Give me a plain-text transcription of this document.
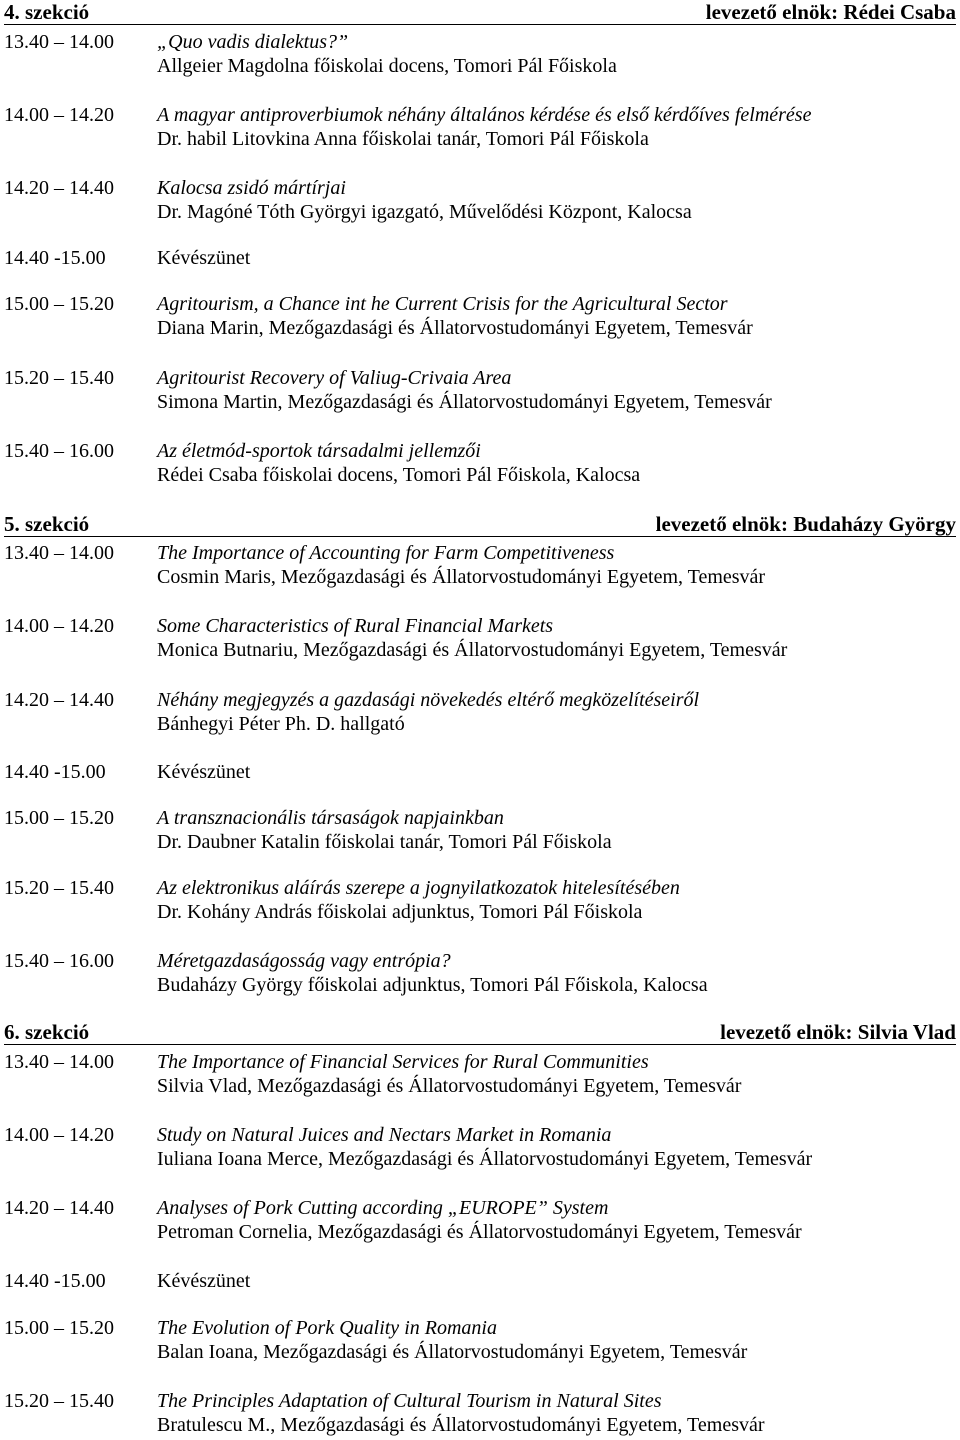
4. szekció	levezető elnök: Rédei Csaba
13.40 – 14.00 „Quo vadis dialektus?”
Allgeier Magdolna főiskolai docens, Tomori Pál Főiskola
14.00 – 14.20 A magyar antiproverbiumok néhány általános kérdése és első kérdőíves felmérése
Dr. habil Litovkina Anna főiskolai tanár, Tomori Pál Főiskola
14.20 – 14.40 Kalocsa zsidó mártírjai
Dr. Magóné Tóth Györgyi igazgató, Művelődési Központ, Kalocsa
14.40 -15.00	Kévészünet
15.00 – 15.20 Agritourism, a Chance int he Current Crisis for the Agricultural Sector
Diana Marin, Mezőgazdasági és Állatorvostudományi Egyetem, Temesvár
15.20 – 15.40 Agritourist Recovery of Valiug-Crivaia Area
Simona Martin, Mezőgazdasági és Állatorvostudományi Egyetem, Temesvár
15.40 – 16.00 Az életmód-sportok társadalmi jellemzői
Rédei Csaba főiskolai docens, Tomori Pál Főiskola, Kalocsa
5. szekció	levezető elnök: Budaházy György
13.40 – 14.00 The Importance of Accounting for Farm Competitiveness
Cosmin Maris, Mezőgazdasági és Állatorvostudományi Egyetem, Temesvár
14.00 – 14.20 Some Characteristics of Rural Financial Markets
Monica Butnariu, Mezőgazdasági és Állatorvostudományi Egyetem, Temesvár
14.20 – 14.40 Néhány megjegyzés a gazdasági növekedés eltérő megközelítéseiről
Bánhegyi Péter Ph. D. hallgató
14.40 -15.00	Kévészünet
15.00 – 15.20 A transznacionális társaságok napjainkban
Dr. Daubner Katalin főiskolai tanár, Tomori Pál Főiskola
15.20 – 15.40 Az elektronikus aláírás szerepe a jognyilatkozatok hitelesítésében
Dr. Kohány András főiskolai adjunktus, Tomori Pál Főiskola
15.40 – 16.00 Méretgazdaságosság vagy entrópia?
Budaházy György főiskolai adjunktus, Tomori Pál Főiskola, Kalocsa
6. szekció	levezető elnök: Silvia Vlad
13.40 – 14.00 The Importance of Financial Services for Rural Communities
Silvia Vlad, Mezőgazdasági és Állatorvostudományi Egyetem, Temesvár
14.00 – 14.20 Study on Natural Juices and Nectars Market in Romania
Iuliana Ioana Merce, Mezőgazdasági és Állatorvostudományi Egyetem, Temesvár
14.20 – 14.40 Analyses of Pork Cutting according „EUROPE” System
Petroman Cornelia, Mezőgazdasági és Állatorvostudományi Egyetem, Temesvár
14.40 -15.00	Kévészünet
15.00 – 15.20 The Evolution of Pork Quality in Romania
Balan Ioana, Mezőgazdasági és Állatorvostudományi Egyetem, Temesvár
15.20 – 15.40 The Principles Adaptation of Cultural Tourism in Natural Sites
Bratulescu M., Mezőgazdasági és Állatorvostudományi Egyetem, Temesvár
